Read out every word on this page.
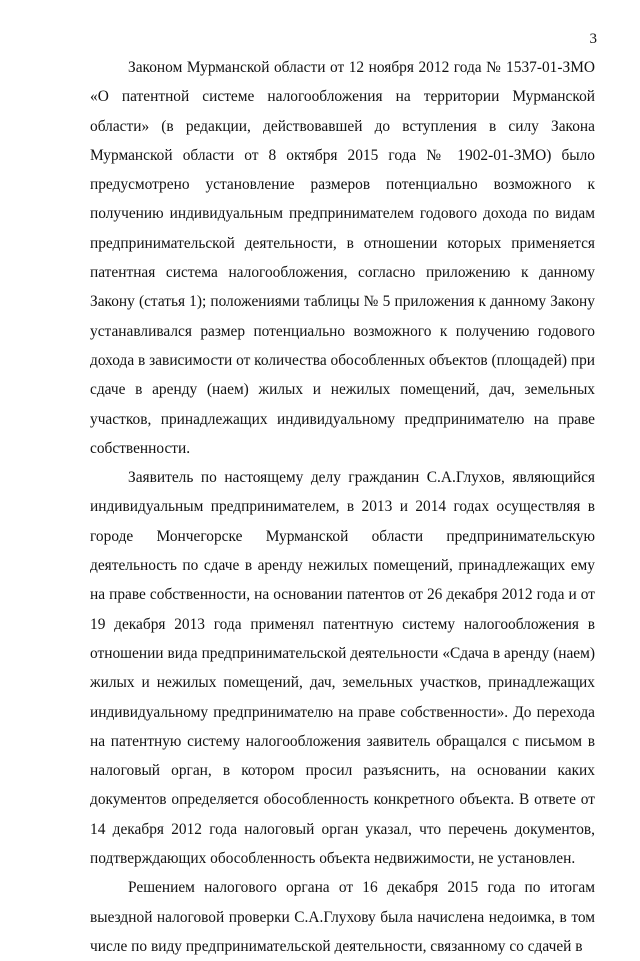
3

Законом Мурманской области от 12 ноября 2012 года № 1537-01-ЗМО «О патентной системе налогообложения на территории Мурманской области» (в редакции, действовавшей до вступления в силу Закона Мурманской области от 8 октября 2015 года № 1902-01-ЗМО) было предусмотрено установление размеров потенциально возможного к получению индивидуальным предпринимателем годового дохода по видам предпринимательской деятельности, в отношении которых применяется патентная система налогообложения, согласно приложению к данному Закону (статья 1); положениями таблицы № 5 приложения к данному Закону устанавливался размер потенциально возможного к получению годового дохода в зависимости от количества обособленных объектов (площадей) при сдаче в аренду (наем) жилых и нежилых помещений, дач, земельных участков, принадлежащих индивидуальному предпринимателю на праве собственности.

Заявитель по настоящему делу гражданин С.А.Глухов, являющийся индивидуальным предпринимателем, в 2013 и 2014 годах осуществляя в городе Мончегорске Мурманской области предпринимательскую деятельность по сдаче в аренду нежилых помещений, принадлежащих ему на праве собственности, на основании патентов от 26 декабря 2012 года и от 19 декабря 2013 года применял патентную систему налогообложения в отношении вида предпринимательской деятельности «Сдача в аренду (наем) жилых и нежилых помещений, дач, земельных участков, принадлежащих индивидуальному предпринимателю на праве собственности». До перехода на патентную систему налогообложения заявитель обращался с письмом в налоговый орган, в котором просил разъяснить, на основании каких документов определяется обособленность конкретного объекта. В ответе от 14 декабря 2012 года налоговый орган указал, что перечень документов, подтверждающих обособленность объекта недвижимости, не установлен.

Решением налогового органа от 16 декабря 2015 года по итогам выездной налоговой проверки С.А.Глухову была начислена недоимка, в том числе по виду предпринимательской деятельности, связанному со сдачей в
